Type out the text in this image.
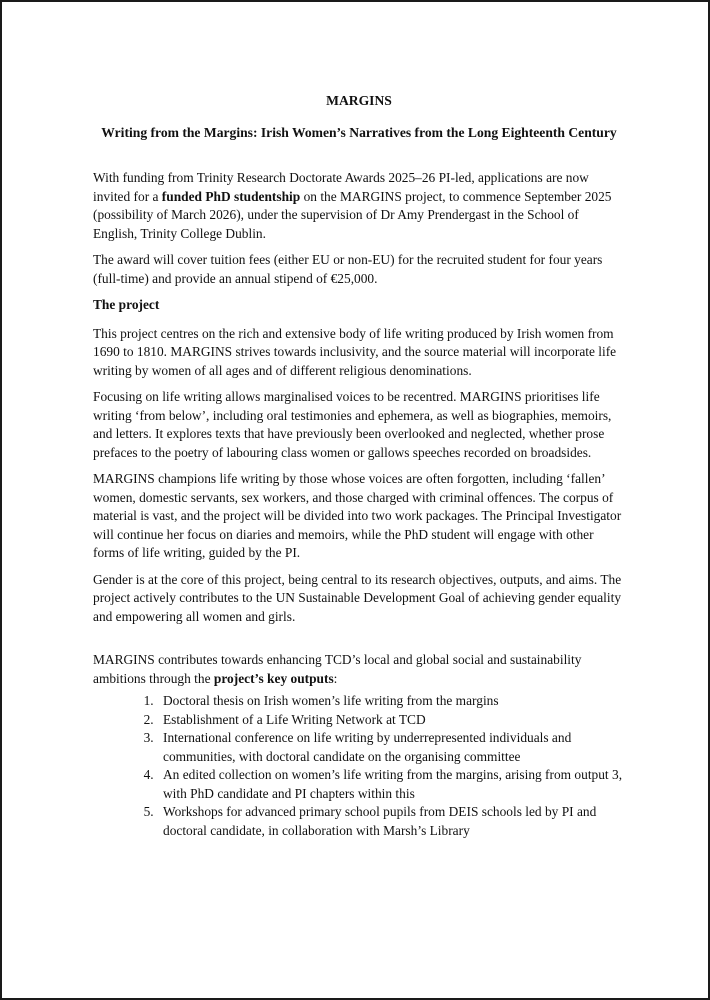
MARGINS
Writing from the Margins: Irish Women’s Narratives from the Long Eighteenth Century

With funding from Trinity Research Doctorate Awards 2025–26 PI-led, applications are now invited for a funded PhD studentship on the MARGINS project, to commence September 2025 (possibility of March 2026), under the supervision of Dr Amy Prendergast in the School of English, Trinity College Dublin.

The award will cover tuition fees (either EU or non-EU) for the recruited student for four years (full-time) and provide an annual stipend of €25,000.

The project

This project centres on the rich and extensive body of life writing produced by Irish women from 1690 to 1810. MARGINS strives towards inclusivity, and the source material will incorporate life writing by women of all ages and of different religious denominations.

Focusing on life writing allows marginalised voices to be recentred. MARGINS prioritises life writing ‘from below’, including oral testimonies and ephemera, as well as biographies, memoirs, and letters. It explores texts that have previously been overlooked and neglected, whether prose prefaces to the poetry of labouring class women or gallows speeches recorded on broadsides.

MARGINS champions life writing by those whose voices are often forgotten, including ‘fallen’ women, domestic servants, sex workers, and those charged with criminal offences. The corpus of material is vast, and the project will be divided into two work packages. The Principal Investigator will continue her focus on diaries and memoirs, while the PhD student will engage with other forms of life writing, guided by the PI.

Gender is at the core of this project, being central to its research objectives, outputs, and aims. The project actively contributes to the UN Sustainable Development Goal of achieving gender equality and empowering all women and girls.

MARGINS contributes towards enhancing TCD’s local and global social and sustainability ambitions through the project’s key outputs:

1. Doctoral thesis on Irish women’s life writing from the margins
2. Establishment of a Life Writing Network at TCD
3. International conference on life writing by underrepresented individuals and communities, with doctoral candidate on the organising committee
4. An edited collection on women’s life writing from the margins, arising from output 3, with PhD candidate and PI chapters within this
5. Workshops for advanced primary school pupils from DEIS schools led by PI and doctoral candidate, in collaboration with Marsh’s Library
